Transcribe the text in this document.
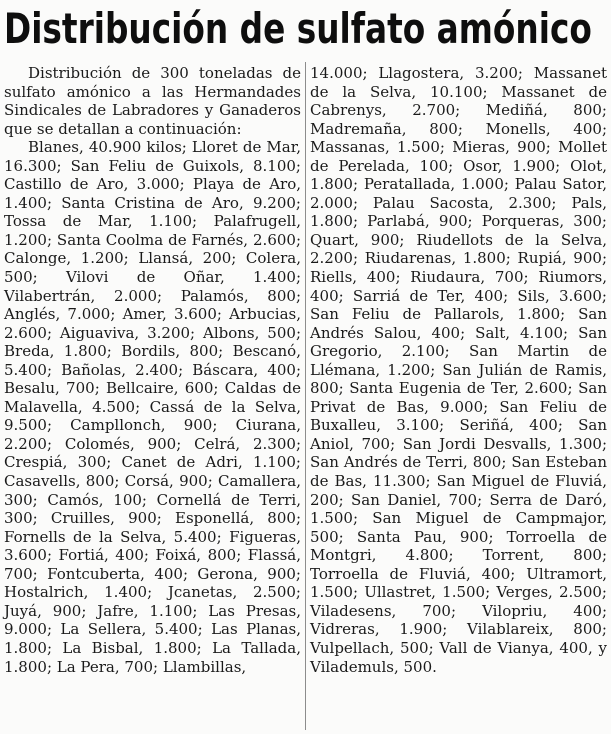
Distribución de sulfato amónico

Distribución de 300 toneladas de sulfato amónico a las Hermandades Sindicales de Labradores y Ganaderos que se detallan a continuación:

Blanes, 40.900 kilos; Lloret de Mar, 16.300; San Feliu de Guixols, 8.100; Castillo de Aro, 3.000; Playa de Aro, 1.400; Santa Cristina de Aro, 9.200; Tossa de Mar, 1.100; Palafrugell, 1.200; Santa Coolma de Farnés, 2.600; Calonge, 1.200; Llansá, 200; Colera, 500; Vilovi de Oñar, 1.400; Vilabertrán, 2.000; Palamós, 800; Anglés, 7.000; Amer, 3.600; Arbucias, 2.600; Aiguaviva, 3.200; Albons, 500; Breda, 1.800; Bordils, 800; Bescanó, 5.400; Bañolas, 2.400; Báscara, 400; Besalu, 700; Bellcaire, 600; Caldas de Malavella, 4.500; Cassá de la Selva, 9.500; Campllonch, 900; Ciurana, 2.200; Colomés, 900; Celrá, 2.300; Crespiá, 300; Canet de Adri, 1.100; Casavells, 800; Corsá, 900; Camallera, 300; Camós, 100; Cornellá de Terri, 300; Cruilles, 900; Esponellá, 800; Fornells de la Selva, 5.400; Figueras, 3.600; Fortiá, 400; Foixá, 800; Flassá, 700; Fontcuberta, 400; Gerona, 900; Hostalrich, 1.400; Jcanetas, 2.500; Juyá, 900; Jafre, 1.100; Las Presas, 9.000; La Sellera, 5.400; Las Planas, 1.800; La Bisbal, 1.800; La Tallada, 1.800; La Pera, 700; Llambillas,

14.000; Llagostera, 3.200; Massanet de la Selva, 10.100; Massanet de Cabrenys, 2.700; Mediñá, 800; Madremaña, 800; Monells, 400; Massanas, 1.500; Mieras, 900; Mollet de Perelada, 100; Osor, 1.900; Olot, 1.800; Peratallada, 1.000; Palau Sator, 2.000; Palau Sacosta, 2.300; Pals, 1.800; Parlabá, 900; Porqueras, 300; Quart, 900; Riudellots de la Selva, 2.200; Riudarenas, 1.800; Rupiá, 900; Riells, 400; Riudaura, 700; Riumors, 400; Sarriá de Ter, 400; Sils, 3.600; San Feliu de Pallarols, 1.800; San Andrés Salou, 400; Salt, 4.100; San Gregorio, 2.100; San Martin de Llémana, 1.200; San Julián de Ramis, 800; Santa Eugenia de Ter, 2.600; San Privat de Bas, 9.000; San Feliu de Buxalleu, 3.100; Seriñá, 400; San Aniol, 700; San Jordi Desvalls, 1.300; San Andrés de Terri, 800; San Esteban de Bas, 11.300; San Miguel de Fluviá, 200; San Daniel, 700; Serra de Daró, 1.500; San Miguel de Campmajor, 500; Santa Pau, 900; Torroella de Montgri, 4.800; Torrent, 800; Torroella de Fluviá, 400; Ultramort, 1.500; Ullastret, 1.500; Verges, 2.500; Viladesens, 700; Vilopriu, 400; Vidreras, 1.900; Vilablareix, 800; Vulpellach, 500; Vall de Vianya, 400, y Vilademuls, 500.
